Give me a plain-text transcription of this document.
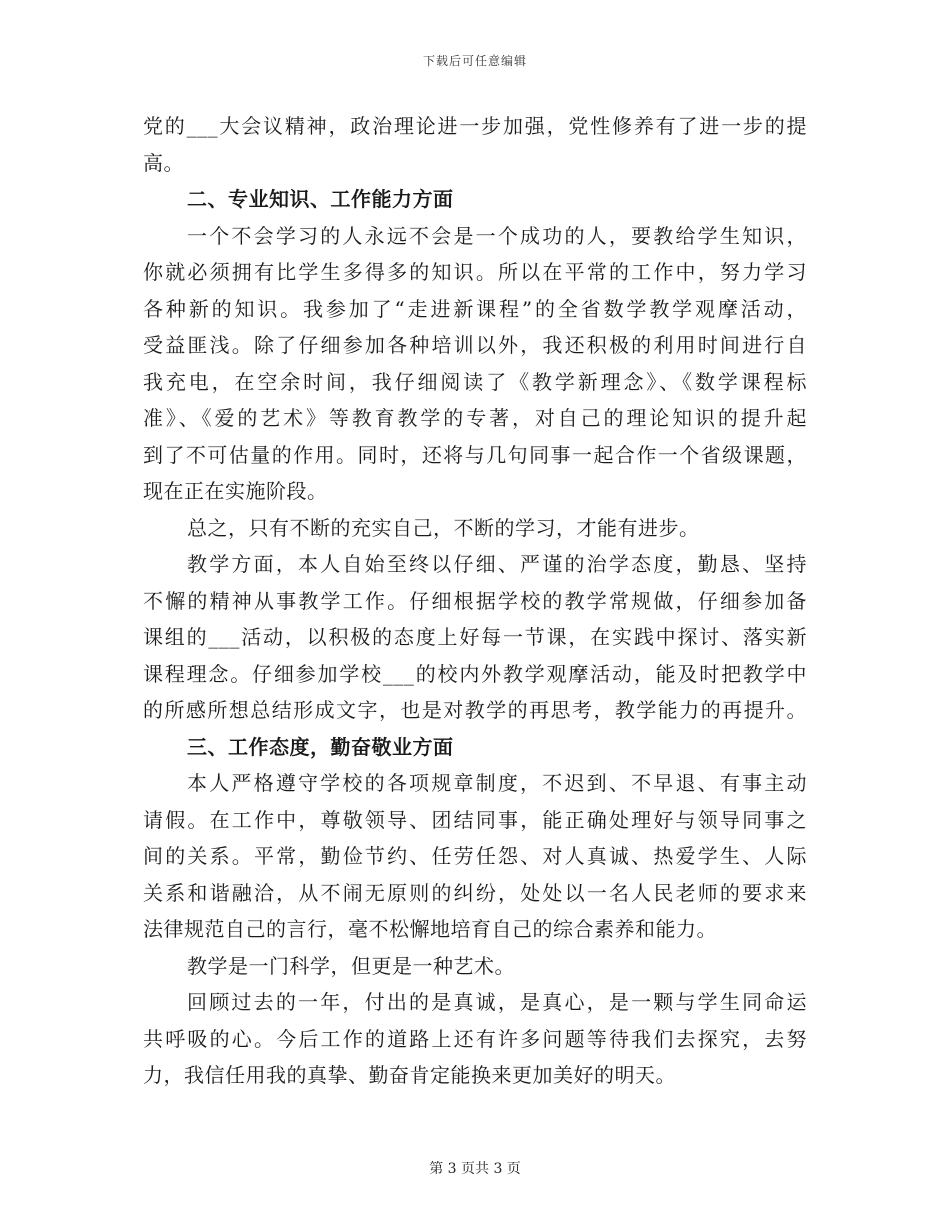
下载后可任意编辑
党的___大会议精神，政治理论进一步加强，党性修养有了进一步的提
高。
二、专业知识、工作能力方面
一个不会学习的人永远不会是一个成功的人，要教给学生知识，
你就必须拥有比学生多得多的知识。所以在平常的工作中，努力学习
各种新的知识。我参加了“走进新课程”的全省数学教学观摩活动，
受益匪浅。除了仔细参加各种培训以外，我还积极的利用时间进行自
我充电，在空余时间，我仔细阅读了《教学新理念》、《数学课程标
准》、《爱的艺术》等教育教学的专著，对自己的理论知识的提升起
到了不可估量的作用。同时，还将与几句同事一起合作一个省级课题，
现在正在实施阶段。
总之，只有不断的充实自己，不断的学习，才能有进步。
教学方面，本人自始至终以仔细、严谨的治学态度，勤恳、坚持
不懈的精神从事教学工作。仔细根据学校的教学常规做，仔细参加备
课组的___活动，以积极的态度上好每一节课，在实践中探讨、落实新
课程理念。仔细参加学校___的校内外教学观摩活动，能及时把教学中
的所感所想总结形成文字，也是对教学的再思考，教学能力的再提升。
三、工作态度，勤奋敬业方面
本人严格遵守学校的各项规章制度，不迟到、不早退、有事主动
请假。在工作中，尊敬领导、团结同事，能正确处理好与领导同事之
间的关系。平常，勤俭节约、任劳任怨、对人真诚、热爱学生、人际
关系和谐融洽，从不闹无原则的纠纷，处处以一名人民老师的要求来
法律规范自己的言行，毫不松懈地培育自己的综合素养和能力。
教学是一门科学，但更是一种艺术。
回顾过去的一年，付出的是真诚，是真心，是一颗与学生同命运
共呼吸的心。今后工作的道路上还有许多问题等待我们去探究，去努
力，我信任用我的真挚、勤奋肯定能换来更加美好的明天。
第 3 页共 3 页
